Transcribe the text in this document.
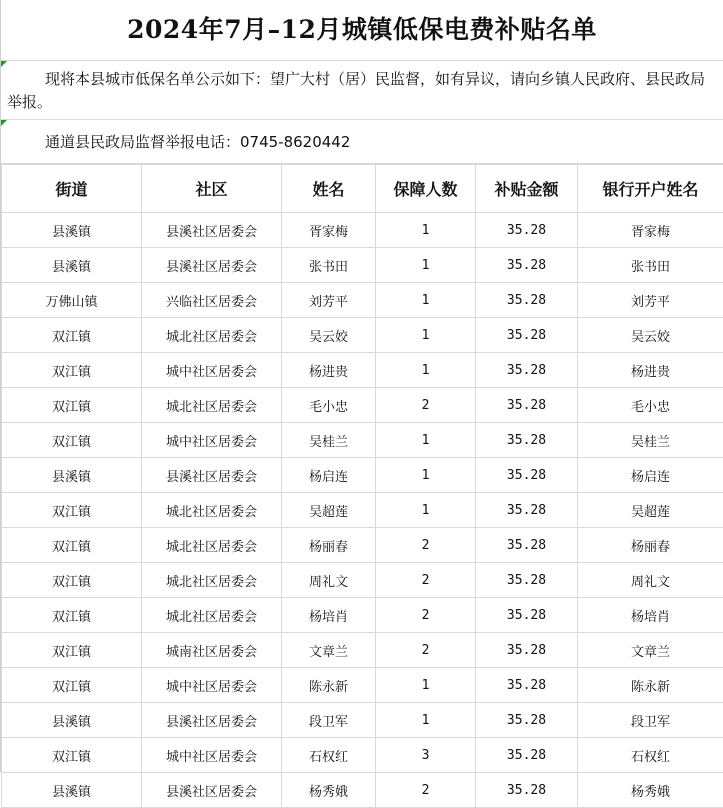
2024年7月–12月城镇低保电费补贴名单
现将本县城市低保名单公示如下：望广大村（居）民监督，如有异议，请向乡镇人民政府、县民政局举报。
通道县民政局监督举报电话：0745-8620442
街道	社区	姓名	保障人数	补贴金额	银行开户姓名
县溪镇	县溪社区居委会	胥家梅	1	35.28	胥家梅
县溪镇	县溪社区居委会	张书田	1	35.28	张书田
万佛山镇	兴临社区居委会	刘芳平	1	35.28	刘芳平
双江镇	城北社区居委会	吴云姣	1	35.28	吴云姣
双江镇	城中社区居委会	杨进贵	1	35.28	杨进贵
双江镇	城北社区居委会	毛小忠	2	35.28	毛小忠
双江镇	城中社区居委会	吴桂兰	1	35.28	吴桂兰
县溪镇	县溪社区居委会	杨启连	1	35.28	杨启连
双江镇	城北社区居委会	吴超莲	1	35.28	吴超莲
双江镇	城北社区居委会	杨丽春	2	35.28	杨丽春
双江镇	城北社区居委会	周礼文	2	35.28	周礼文
双江镇	城北社区居委会	杨培肖	2	35.28	杨培肖
双江镇	城南社区居委会	文章兰	2	35.28	文章兰
双江镇	城中社区居委会	陈永新	1	35.28	陈永新
县溪镇	县溪社区居委会	段卫军	1	35.28	段卫军
双江镇	城中社区居委会	石权红	3	35.28	石权红
县溪镇	县溪社区居委会	杨秀娥	2	35.28	杨秀娥
